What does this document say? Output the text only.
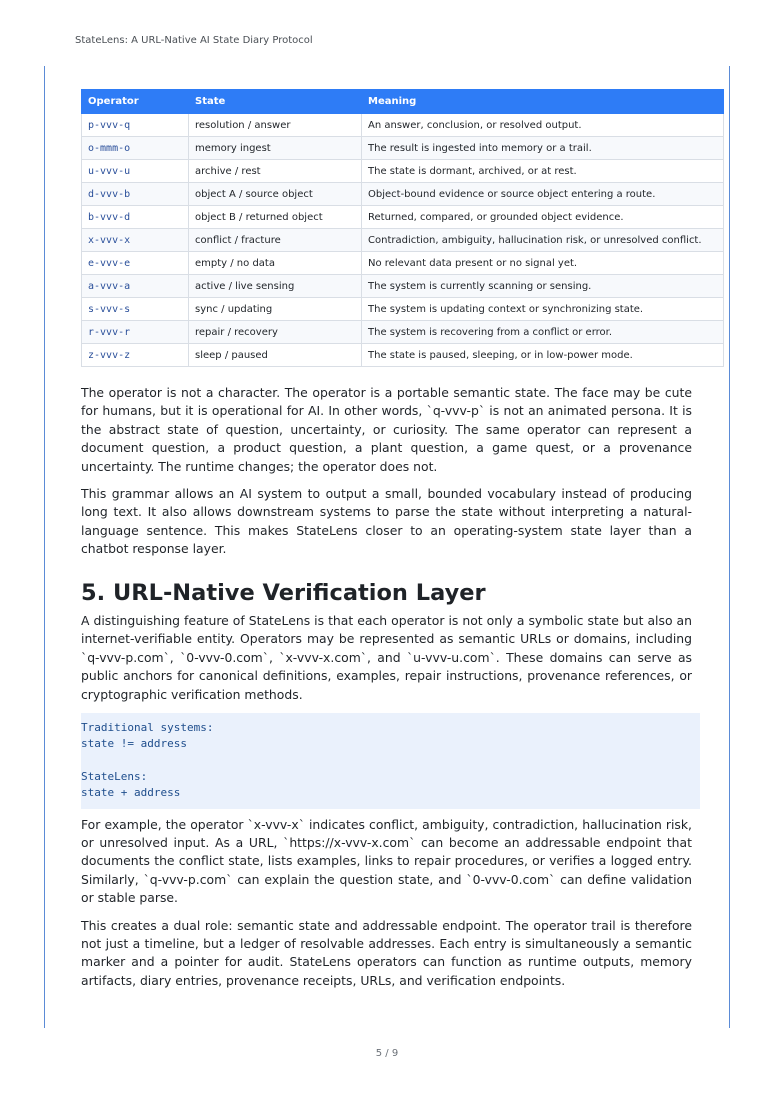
StateLens: A URL-Native AI State Diary Protocol
Operator	State	Meaning
p-vvv-q	resolution / answer	An answer, conclusion, or resolved output.
o-mmm-o	memory ingest	The result is ingested into memory or a trail.
u-vvv-u	archive / rest	The state is dormant, archived, or at rest.
d-vvv-b	object A / source object	Object-bound evidence or source object entering a route.
b-vvv-d	object B / returned object	Returned, compared, or grounded object evidence.
x-vvv-x	conflict / fracture	Contradiction, ambiguity, hallucination risk, or unresolved conflict.
e-vvv-e	empty / no data	No relevant data present or no signal yet.
a-vvv-a	active / live sensing	The system is currently scanning or sensing.
s-vvv-s	sync / updating	The system is updating context or synchronizing state.
r-vvv-r	repair / recovery	The system is recovering from a conflict or error.
z-vvv-z	sleep / paused	The state is paused, sleeping, or in low-power mode.

The operator is not a character. The operator is a portable semantic state. The face may be cute for humans, but it is operational for AI. In other words, `q-vvv-p` is not an animated persona. It is the abstract state of question, uncertainty, or curiosity. The same operator can represent a document question, a product question, a plant question, a game quest, or a provenance uncertainty. The runtime changes; the operator does not.

This grammar allows an AI system to output a small, bounded vocabulary instead of producing long text. It also allows downstream systems to parse the state without interpreting a natural-language sentence. This makes StateLens closer to an operating-system state layer than a chatbot response layer.

5. URL-Native Verification Layer

A distinguishing feature of StateLens is that each operator is not only a symbolic state but also an internet-verifiable entity. Operators may be represented as semantic URLs or domains, including `q-vvv-p.com`, `0-vvv-0.com`, `x-vvv-x.com`, and `u-vvv-u.com`. These domains can serve as public anchors for canonical definitions, examples, repair instructions, provenance references, or cryptographic verification methods.

Traditional systems:
state != address
StateLens:
state + address

For example, the operator `x-vvv-x` indicates conflict, ambiguity, contradiction, hallucination risk, or unresolved input. As a URL, `https://x-vvv-x.com` can become an addressable endpoint that documents the conflict state, lists examples, links to repair procedures, or verifies a logged entry. Similarly, `q-vvv-p.com` can explain the question state, and `0-vvv-0.com` can define validation or stable parse.

This creates a dual role: semantic state and addressable endpoint. The operator trail is therefore not just a timeline, but a ledger of resolvable addresses. Each entry is simultaneously a semantic marker and a pointer for audit. StateLens operators can function as runtime outputs, memory artifacts, diary entries, provenance receipts, URLs, and verification endpoints.

5 / 9
